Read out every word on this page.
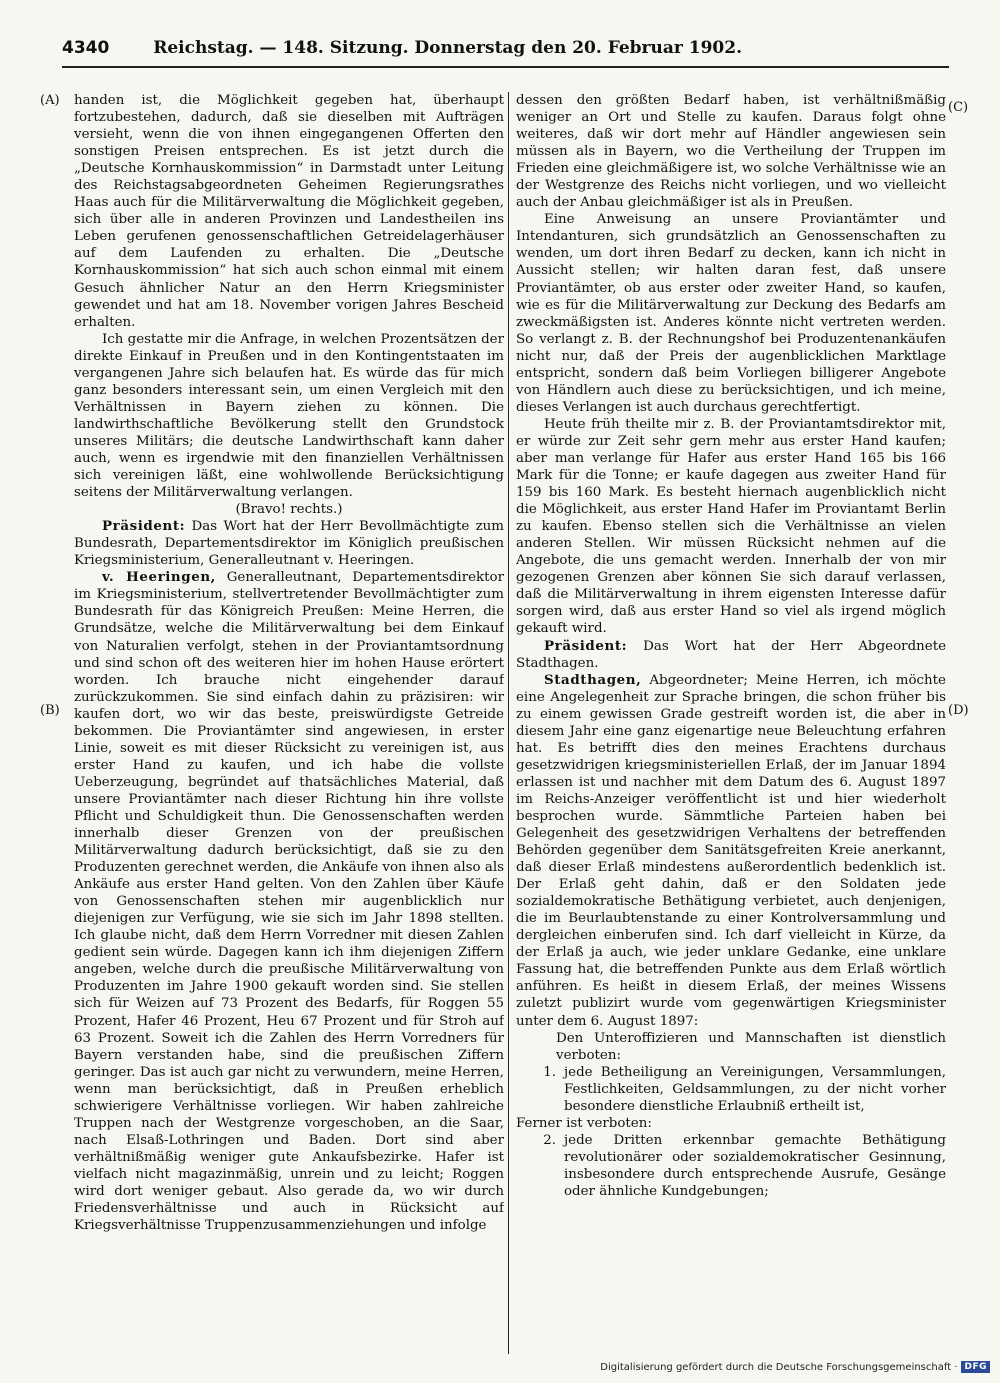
4340	Reichstag. — 148. Sitzung. Donnerstag den 20. Februar 1902.
(A)
(B)
(C)
(D)

handen ist, die Möglichkeit gegeben hat, überhaupt fortzubestehen, dadurch, daß sie dieselben mit Aufträgen versieht, wenn die von ihnen eingegangenen Offerten den sonstigen Preisen entsprechen. Es ist jetzt durch die „Deutsche Kornhauskommission“ in Darmstadt unter Leitung des Reichstagsabgeordneten Geheimen Regierungsrathes Haas auch für die Militärverwaltung die Möglichkeit gegeben, sich über alle in anderen Provinzen und Landestheilen ins Leben gerufenen genossenschaftlichen Getreidelagerhäuser auf dem Laufenden zu erhalten. Die „Deutsche Kornhauskommission“ hat sich auch schon einmal mit einem Gesuch ähnlicher Natur an den Herrn Kriegsminister gewendet und hat am 18. November vorigen Jahres Bescheid erhalten.

Ich gestatte mir die Anfrage, in welchen Prozentsätzen der direkte Einkauf in Preußen und in den Kontingentstaaten im vergangenen Jahre sich belaufen hat. Es würde das für mich ganz besonders interessant sein, um einen Vergleich mit den Verhältnissen in Bayern ziehen zu können. Die landwirthschaftliche Bevölkerung stellt den Grundstock unseres Militärs; die deutsche Landwirthschaft kann daher auch, wenn es irgendwie mit den finanziellen Verhältnissen sich vereinigen läßt, eine wohlwollende Berücksichtigung seitens der Militärverwaltung verlangen.

(Bravo! rechts.)

Präsident: Das Wort hat der Herr Bevollmächtigte zum Bundesrath, Departementsdirektor im Königlich preußischen Kriegsministerium, Generalleutnant v. Heeringen.

v. Heeringen, Generalleutnant, Departementsdirektor im Kriegsministerium, stellvertretender Bevollmächtigter zum Bundesrath für das Königreich Preußen: Meine Herren, die Grundsätze, welche die Militärverwaltung bei dem Einkauf von Naturalien verfolgt, stehen in der Proviantamtsordnung und sind schon oft des weiteren hier im hohen Hause erörtert worden. Ich brauche nicht eingehender darauf zurückzukommen. Sie sind einfach dahin zu präzisiren: wir kaufen dort, wo wir das beste, preiswürdigste Getreide bekommen. Die Proviantämter sind angewiesen, in erster Linie, soweit es mit dieser Rücksicht zu vereinigen ist, aus erster Hand zu kaufen, und ich habe die vollste Ueberzeugung, begründet auf thatsächliches Material, daß unsere Proviantämter nach dieser Richtung hin ihre vollste Pflicht und Schuldigkeit thun. Die Genossenschaften werden innerhalb dieser Grenzen von der preußischen Militärverwaltung dadurch berücksichtigt, daß sie zu den Produzenten gerechnet werden, die Ankäufe von ihnen also als Ankäufe aus erster Hand gelten. Von den Zahlen über Käufe von Genossenschaften stehen mir augenblicklich nur diejenigen zur Verfügung, wie sie sich im Jahr 1898 stellten. Ich glaube nicht, daß dem Herrn Vorredner mit diesen Zahlen gedient sein würde. Dagegen kann ich ihm diejenigen Ziffern angeben, welche durch die preußische Militärverwaltung von Produzenten im Jahre 1900 gekauft worden sind. Sie stellen sich für Weizen auf 73 Prozent des Bedarfs, für Roggen 55 Prozent, Hafer 46 Prozent, Heu 67 Prozent und für Stroh auf 63 Prozent. Soweit ich die Zahlen des Herrn Vorredners für Bayern verstanden habe, sind die preußischen Ziffern geringer. Das ist auch gar nicht zu verwundern, meine Herren, wenn man berücksichtigt, daß in Preußen erheblich schwierigere Verhältnisse vorliegen. Wir haben zahlreiche Truppen nach der Westgrenze vorgeschoben, an die Saar, nach Elsaß-Lothringen und Baden. Dort sind aber verhältnißmäßig weniger gute Ankaufsbezirke. Hafer ist vielfach nicht magazinmäßig, unrein und zu leicht; Roggen wird dort weniger gebaut. Also gerade da, wo wir durch Friedensverhältnisse und auch in Rücksicht auf Kriegsverhältnisse Truppenzusammenziehungen und infolge

dessen den größten Bedarf haben, ist verhältnißmäßig weniger an Ort und Stelle zu kaufen. Daraus folgt ohne weiteres, daß wir dort mehr auf Händler angewiesen sein müssen als in Bayern, wo die Vertheilung der Truppen im Frieden eine gleichmäßigere ist, wo solche Verhältnisse wie an der Westgrenze des Reichs nicht vorliegen, und wo vielleicht auch der Anbau gleichmäßiger ist als in Preußen.

Eine Anweisung an unsere Proviantämter und Intendanturen, sich grundsätzlich an Genossenschaften zu wenden, um dort ihren Bedarf zu decken, kann ich nicht in Aussicht stellen; wir halten daran fest, daß unsere Proviantämter, ob aus erster oder zweiter Hand, so kaufen, wie es für die Militärverwaltung zur Deckung des Bedarfs am zweckmäßigsten ist. Anderes könnte nicht vertreten werden. So verlangt z. B. der Rechnungshof bei Produzentenankäufen nicht nur, daß der Preis der augenblicklichen Marktlage entspricht, sondern daß beim Vorliegen billigerer Angebote von Händlern auch diese zu berücksichtigen, und ich meine, dieses Verlangen ist auch durchaus gerechtfertigt.

Heute früh theilte mir z. B. der Proviantamtsdirektor mit, er würde zur Zeit sehr gern mehr aus erster Hand kaufen; aber man verlange für Hafer aus erster Hand 165 bis 166 Mark für die Tonne; er kaufe dagegen aus zweiter Hand für 159 bis 160 Mark. Es besteht hiernach augenblicklich nicht die Möglichkeit, aus erster Hand Hafer im Proviantamt Berlin zu kaufen. Ebenso stellen sich die Verhältnisse an vielen anderen Stellen. Wir müssen Rücksicht nehmen auf die Angebote, die uns gemacht werden. Innerhalb der von mir gezogenen Grenzen aber können Sie sich darauf verlassen, daß die Militärverwaltung in ihrem eigensten Interesse dafür sorgen wird, daß aus erster Hand so viel als irgend möglich gekauft wird.

Präsident: Das Wort hat der Herr Abgeordnete Stadthagen.

Stadthagen, Abgeordneter; Meine Herren, ich möchte eine Angelegenheit zur Sprache bringen, die schon früher bis zu einem gewissen Grade gestreift worden ist, die aber in diesem Jahr eine ganz eigenartige neue Beleuchtung erfahren hat. Es betrifft dies den meines Erachtens durchaus gesetzwidrigen kriegsministeriellen Erlaß, der im Januar 1894 erlassen ist und nachher mit dem Datum des 6. August 1897 im Reichs-Anzeiger veröffentlicht ist und hier wiederholt besprochen wurde. Sämmtliche Parteien haben bei Gelegenheit des gesetzwidrigen Verhaltens der betreffenden Behörden gegenüber dem Sanitätsgefreiten Kreie anerkannt, daß dieser Erlaß mindestens außerordentlich bedenklich ist. Der Erlaß geht dahin, daß er den Soldaten jede sozialdemokratische Bethätigung verbietet, auch denjenigen, die im Beurlaubtenstande zu einer Kontrolversammlung und dergleichen einberufen sind. Ich darf vielleicht in Kürze, da der Erlaß ja auch, wie jeder unklare Gedanke, eine unklare Fassung hat, die betreffenden Punkte aus dem Erlaß wörtlich anführen. Es heißt in diesem Erlaß, der meines Wissens zuletzt publizirt wurde vom gegenwärtigen Kriegsminister unter dem 6. August 1897:

Den Unteroffizieren und Mannschaften ist dienstlich verboten:

1. jede Betheiligung an Vereinigungen, Versammlungen, Festlichkeiten, Geldsammlungen, zu der nicht vorher besondere dienstliche Erlaubniß ertheilt ist,

Ferner ist verboten:

2. jede Dritten erkennbar gemachte Bethätigung revolutionärer oder sozialdemokratischer Gesinnung, insbesondere durch entsprechende Ausrufe, Gesänge oder ähnliche Kundgebungen;
Digitalisierung gefördert durch die Deutsche Forschungsgemeinschaft · DFG
